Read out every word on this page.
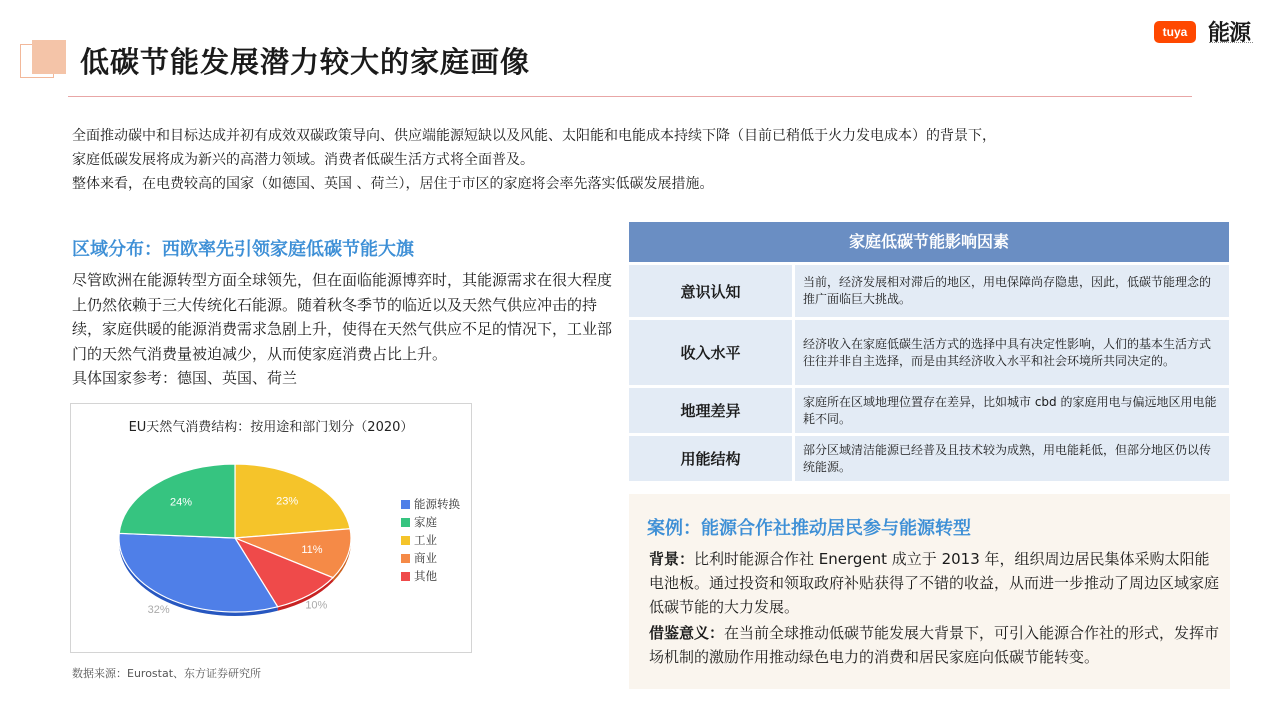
低碳节能发展潜力较大的家庭画像
tuya 能源

全面推动碳中和目标达成并初有成效双碳政策导向、供应端能源短缺以及风能、太阳能和电能成本持续下降（目前已稍低于火力发电成本）的背景下，

家庭低碳发展将成为新兴的高潜力领域。消费者低碳生活方式将全面普及。

整体来看，在电费较高的国家（如德国、英国 、荷兰），居住于市区的家庭将会率先落实低碳发展措施。

区域分布：西欧率先引领家庭低碳节能大旗

尽管欧洲在能源转型方面全球领先，但在面临能源博弈时，其能源需求在很大程度上仍然依赖于三大传统化石能源。随着秋冬季节的临近以及天然气供应冲击的持续，家庭供暖的能源消费需求急剧上升，使得在天然气供应不足的情况下，工业部门的天然气消费量被迫减少，从而使家庭消费占比上升。

具体国家参考：德国、英国、荷兰

EU天然气消费结构：按用途和部门划分（2020）
23%
11%
10%
32%
24%	能源转换
家庭
工业
商业
其他
数据来源：Eurostat、东方证券研究所
家庭低碳节能影响因素
意识认知
当前，经济发展相对滞后的地区，用电保障尚存隐患，因此，低碳节能理念的推广面临巨大挑战。
收入水平
经济收入在家庭低碳生活方式的选择中具有决定性影响，人们的基本生活方式往往并非自主选择，而是由其经济收入水平和社会环境所共同决定的。
地理差异
家庭所在区域地理位置存在差异，比如城市 cbd 的家庭用电与偏远地区用电能耗不同。
用能结构
部分区域清洁能源已经普及且技术较为成熟，用电能耗低，但部分地区仍以传统能源。
案例：能源合作社推动居民参与能源转型

背景：比利时能源合作社 Energent 成立于 2013 年，组织周边居民集体采购太阳能电池板。通过投资和领取政府补贴获得了不错的收益，从而进一步推动了周边区域家庭低碳节能的大力发展。

借鉴意义：在当前全球推动低碳节能发展大背景下，可引入能源合作社的形式，发挥市场机制的激励作用推动绿色电力的消费和居民家庭向低碳节能转变。
